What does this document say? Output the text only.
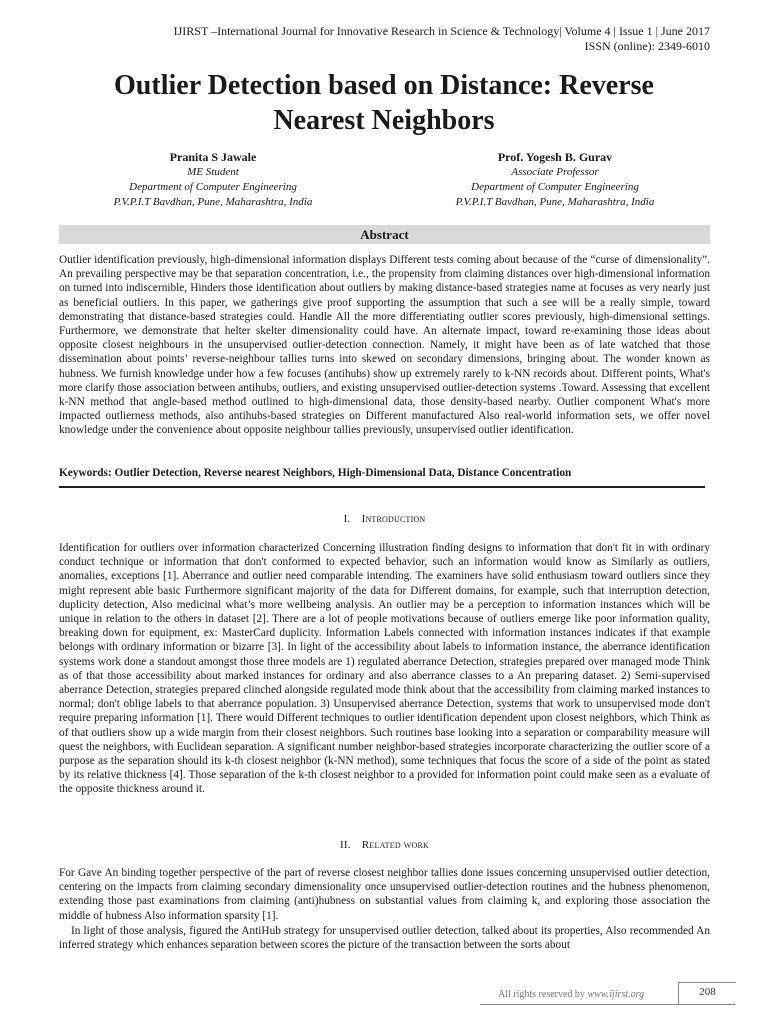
IJIRST –International Journal for Innovative Research in Science & Technology| Volume 4 | Issue 1 | June 2017
ISSN (online): 2349-6010
Outlier Detection based on Distance: Reverse
Nearest Neighbors
Pranita S Jawale
ME Student
Department of Computer Engineering
P.V.P.I.T Bavdhan, Pune, Maharashtra, India
Prof. Yogesh B. Gurav
Associate Professor
Department of Computer Engineering
P.V.P.I.T Bavdhan, Pune, Maharashtra, India
Abstract
Outlier identification previously, high-dimensional information displays Different tests coming about because of the “curse of dimensionality”. An prevailing perspective may be that separation concentration, i.e., the propensity from claiming distances over high-dimensional information on turned into indiscernible, Hinders those identification about outliers by making distance-based strategies name at focuses as very nearly just as beneficial outliers. In this paper, we gatherings give proof supporting the assumption that such a see will be a really simple, toward demonstrating that distance-based strategies could. Handle All the more differentiating outlier scores previously, high-dimensional settings. Furthermore, we demonstrate that helter skelter dimensionality could have. An alternate impact, toward re-examining those ideas about opposite closest neighbours in the unsupervised outlier-detection connection. Namely, it might have been as of late watched that those dissemination about points’ reverse-neighbour tallies turns into skewed on secondary dimensions, bringing about. The wonder known as hubness. We furnish knowledge under how a few focuses (antihubs) show up extremely rarely to k-NN records about. Different points, What's more clarify those association between antihubs, outliers, and existing unsupervised outlier-detection systems .Toward. Assessing that excellent k-NN method that angle-based method outlined to high-dimensional data, those density-based nearby. Outlier component What's more impacted outlierness methods, also antihubs-based strategies on Different manufactured Also real-world information sets, we offer novel knowledge under the convenience about opposite neighbour tallies previously, unsupervised outlier identification.
Keywords: Outlier Detection, Reverse nearest Neighbors, High-Dimensional Data, Distance Concentration
I. Introduction
Identification for outliers over information characterized Concerning illustration finding designs to information that don't fit in with ordinary conduct technique or information that don't conformed to expected behavior, such an information would know as Similarly as outliers, anomalies, exceptions [1]. Aberrance and outlier need comparable intending. The examiners have solid enthusiasm toward outliers since they might represent able basic Furthermore significant majority of the data for Different domains, for example, such that interruption detection, duplicity detection, Also medicinal what’s more wellbeing analysis. An outlier may be a perception to information instances which will be unique in relation to the others in dataset [2]. There are a lot of people motivations because of outliers emerge like poor information quality, breaking down for equipment, ex: MasterCard duplicity. Information Labels connected with information instances indicates if that example belongs with ordinary information or bizarre [3]. In light of the accessibility about labels to information instance, the aberrance identification systems work done a standout amongst those three models are 1) regulated aberrance Detection, strategies prepared over managed mode Think as of that those accessibility about marked instances for ordinary and also aberrance classes to a An preparing dataset. 2) Semi-supervised aberrance Detection, strategies prepared clinched alongside regulated mode think about that the accessibility from claiming marked instances to normal; don't oblige labels to that aberrance population. 3) Unsupervised aberrance Detection, systems that work to unsupervised mode don't require preparing information [1]. There would Different techniques to outlier identification dependent upon closest neighbors, which Think as of that outliers show up a wide margin from their closest neighbors. Such routines base looking into a separation or comparability measure will quest the neighbors, with Euclidean separation. A significant number neighbor-based strategies incorporate characterizing the outlier score of a purpose as the separation should its k-th closest neighbor (k-NN method), some techniques that focus the score of a side of the point as stated by its relative thickness [4]. Those separation of the k-th closest neighbor to a provided for information point could make seen as a evaluate of the opposite thickness around it.
II. Related work
For Gave An binding together perspective of the part of reverse closest neighbor tallies done issues concerning unsupervised outlier detection, centering on the impacts from claiming secondary dimensionality once unsupervised outlier-detection routines and the hubness phenomenon, extending those past examinations from claiming (anti)hubness on substantial values from claiming k, and exploring those association the middle of hubness Also information sparsity [1].
In light of those analysis, figured the AntiHub strategy for unsupervised outlier detection, talked about its properties, Also recommended An inferred strategy which enhances separation between scores the picture of the transaction between the sorts about
All rights reserved by www.ijirst.org	208
